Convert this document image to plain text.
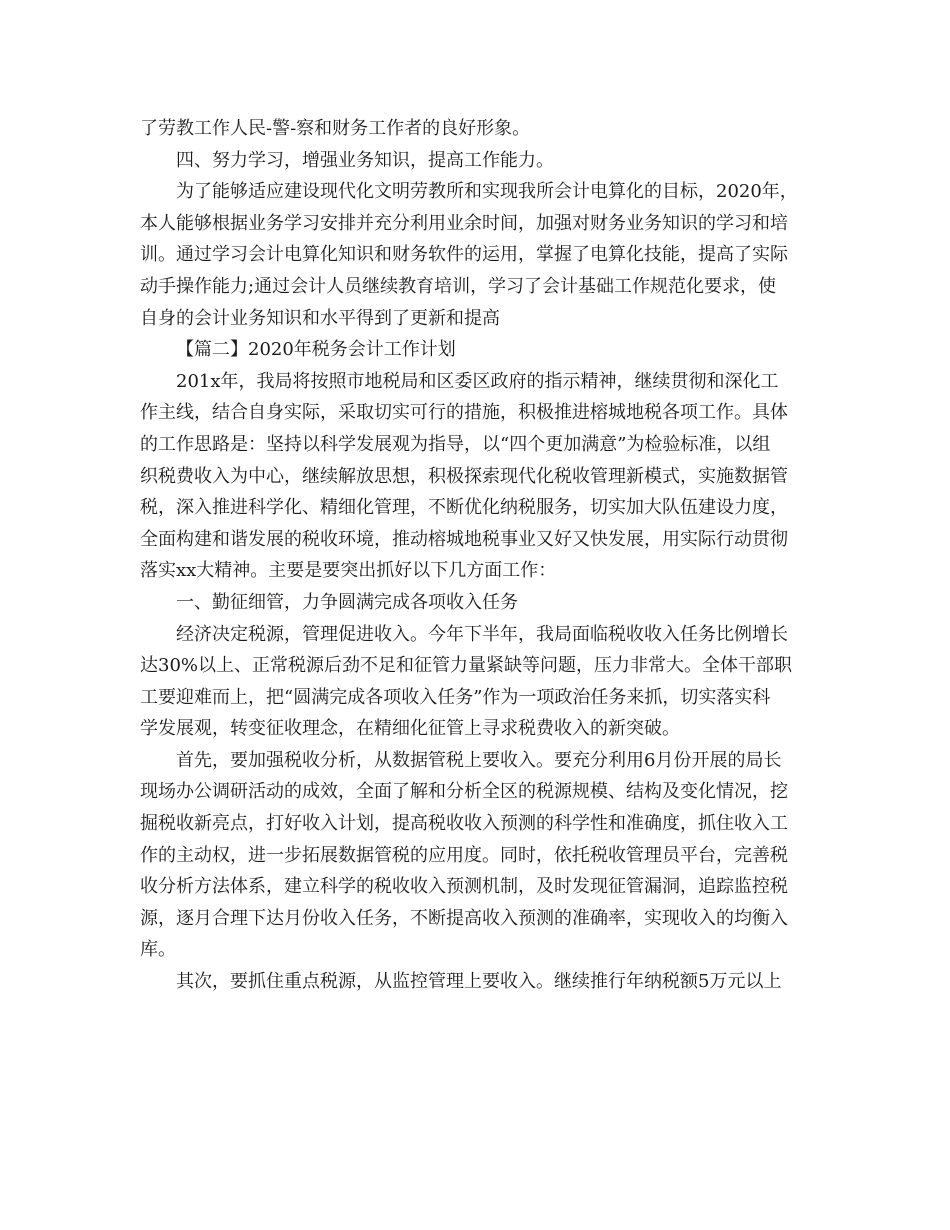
了劳教工作人民-警-察和财务工作者的良好形象。
四、努力学习，增强业务知识，提高工作能力。
为了能够适应建设现代化文明劳教所和实现我所会计电算化的目标，2020年，
本人能够根据业务学习安排并充分利用业余时间，加强对财务业务知识的学习和培
训。通过学习会计电算化知识和财务软件的运用，掌握了电算化技能，提高了实际
动手操作能力;通过会计人员继续教育培训，学习了会计基础工作规范化要求，使
自身的会计业务知识和水平得到了更新和提高
【篇二】2020年税务会计工作计划
201x年，我局将按照市地税局和区委区政府的指示精神，继续贯彻和深化工
作主线，结合自身实际，采取切实可行的措施，积极推进榕城地税各项工作。具体
的工作思路是：坚持以科学发展观为指导，以“四个更加满意”为检验标准，以组
织税费收入为中心，继续解放思想，积极探索现代化税收管理新模式，实施数据管
税，深入推进科学化、精细化管理，不断优化纳税服务，切实加大队伍建设力度，
全面构建和谐发展的税收环境，推动榕城地税事业又好又快发展，用实际行动贯彻
落实xx大精神。主要是要突出抓好以下几方面工作：
一、勤征细管，力争圆满完成各项收入任务
经济决定税源，管理促进收入。今年下半年，我局面临税收收入任务比例增长
达30%以上、正常税源后劲不足和征管力量紧缺等问题，压力非常大。全体干部职
工要迎难而上，把“圆满完成各项收入任务”作为一项政治任务来抓，切实落实科
学发展观，转变征收理念，在精细化征管上寻求税费收入的新突破。
首先，要加强税收分析，从数据管税上要收入。要充分利用6月份开展的局长
现场办公调研活动的成效，全面了解和分析全区的税源规模、结构及变化情况，挖
掘税收新亮点，打好收入计划，提高税收收入预测的科学性和准确度，抓住收入工
作的主动权，进一步拓展数据管税的应用度。同时，依托税收管理员平台，完善税
收分析方法体系，建立科学的税收收入预测机制，及时发现征管漏洞，追踪监控税
源，逐月合理下达月份收入任务，不断提高收入预测的准确率，实现收入的均衡入
库。
其次，要抓住重点税源，从监控管理上要收入。继续推行年纳税额5万元以上
